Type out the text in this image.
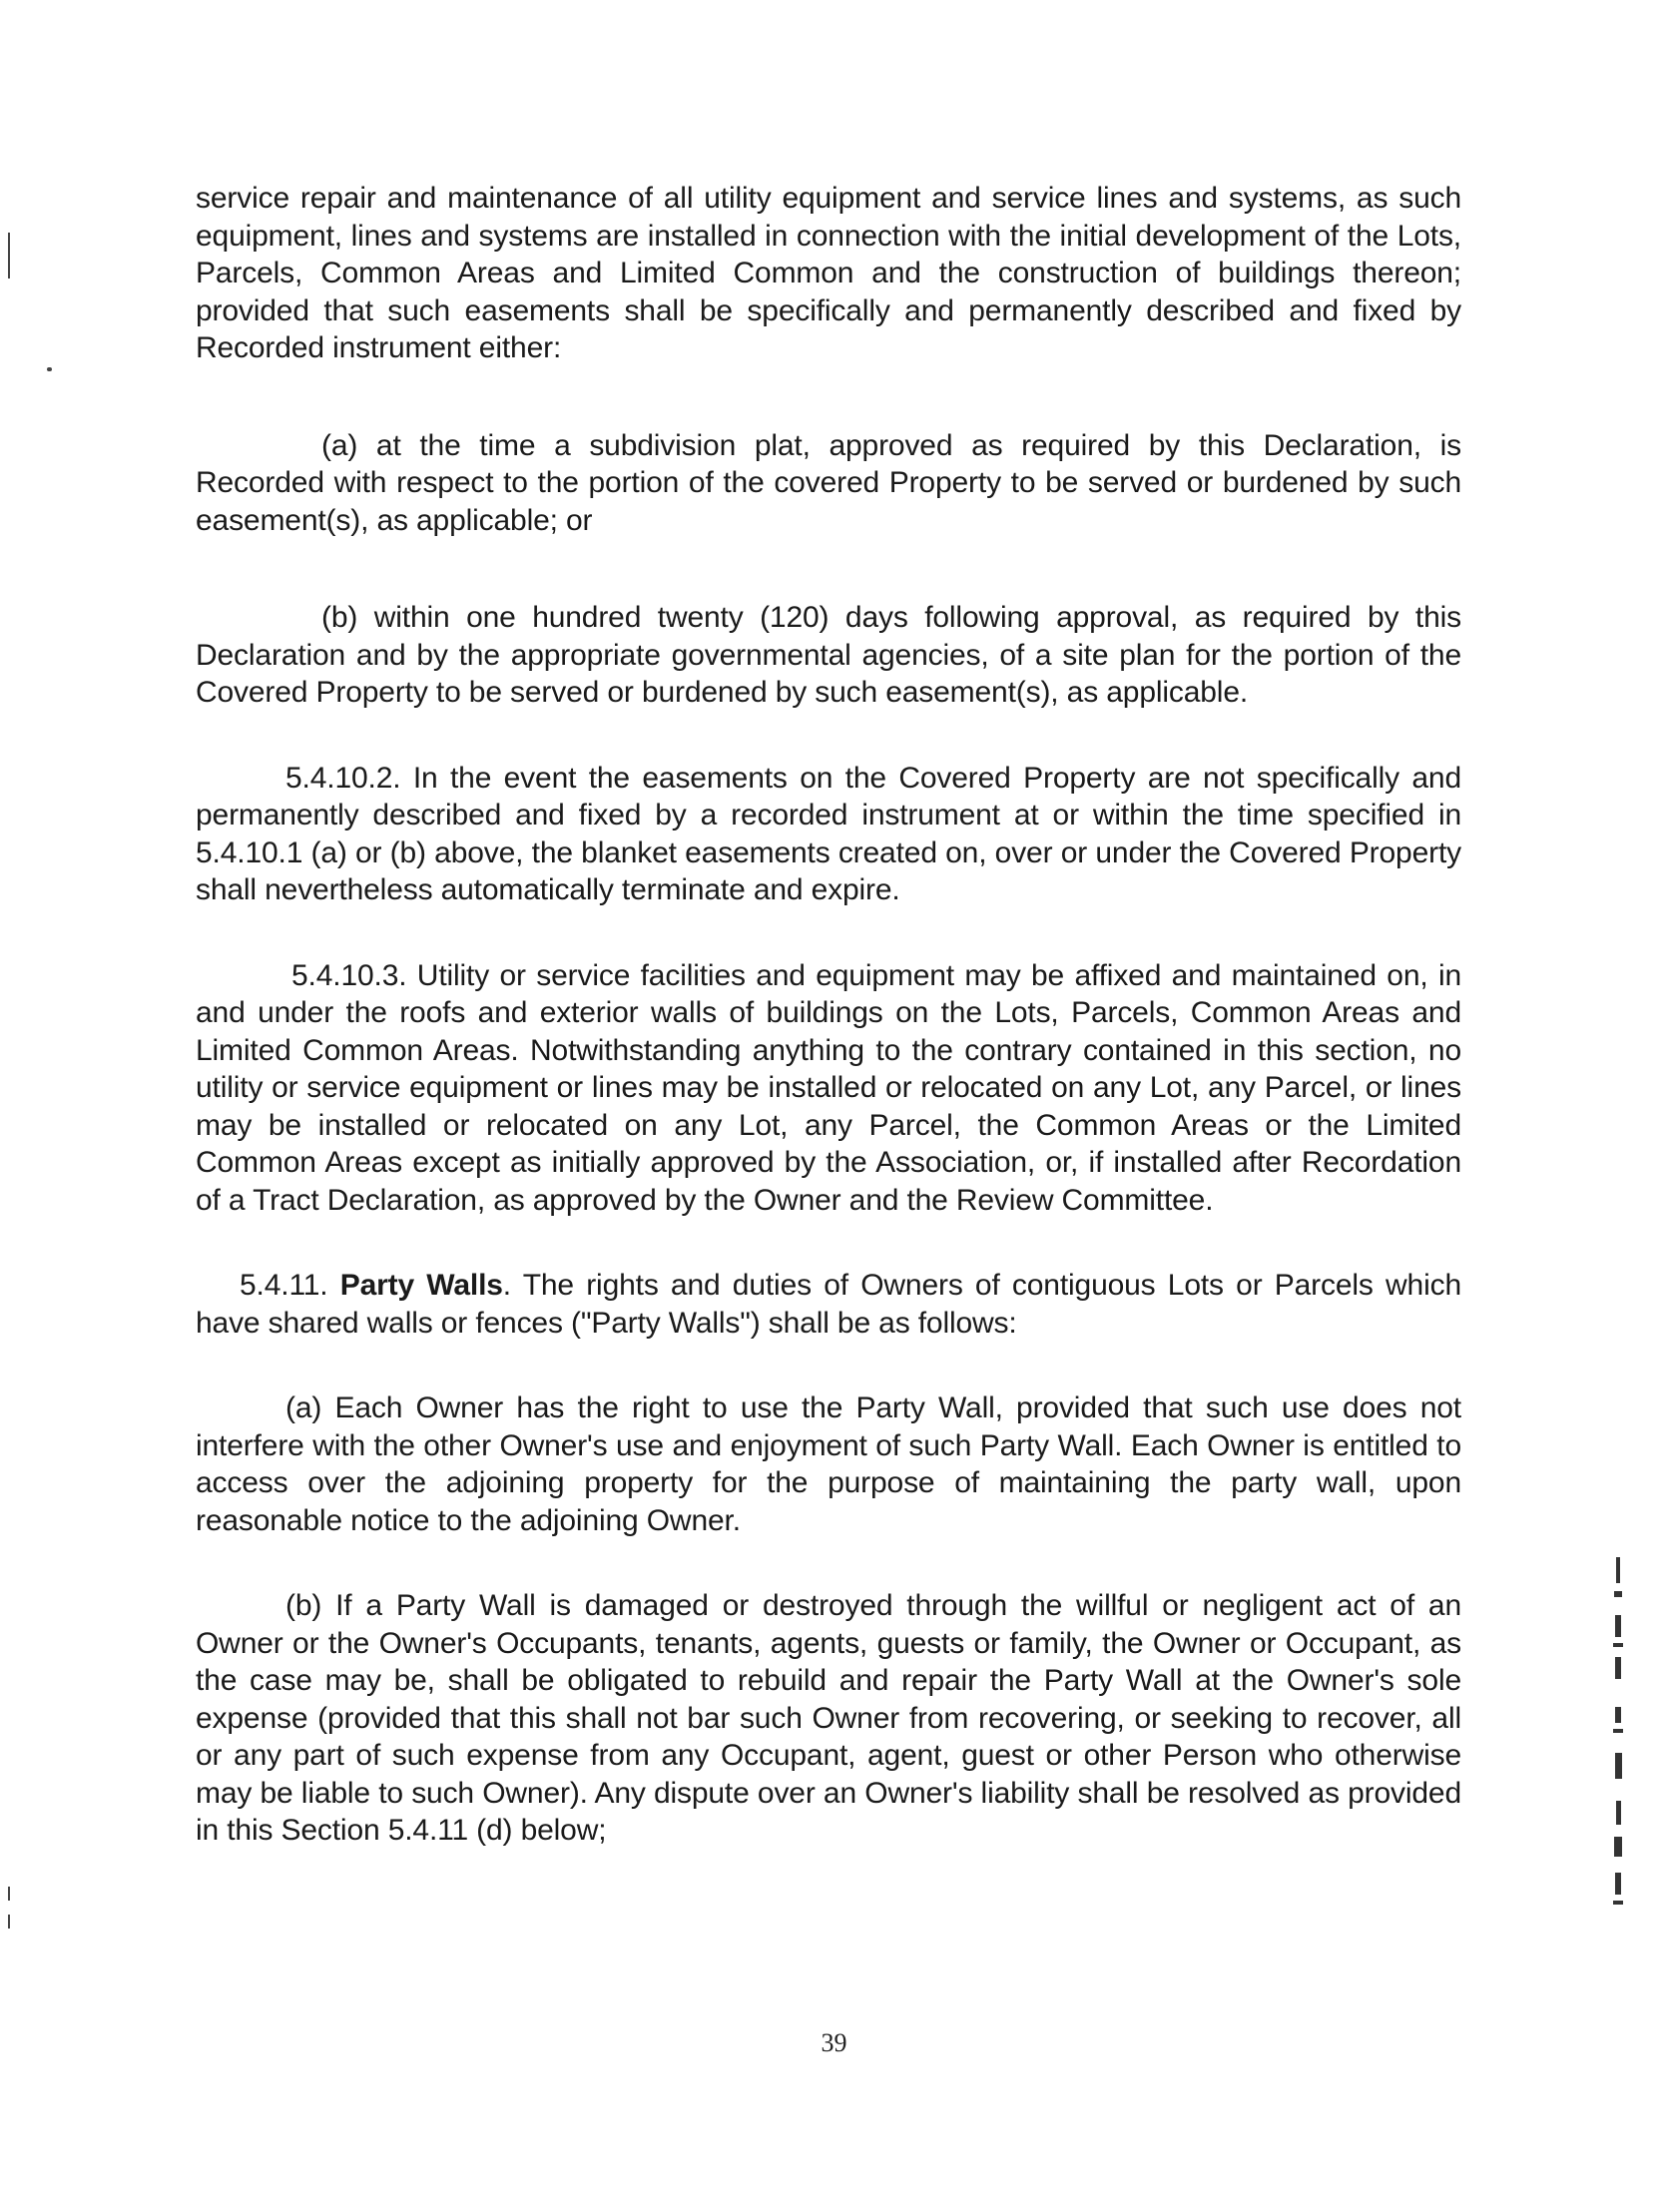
service repair and maintenance of all utility equipment and service lines and systems, as such equipment, lines and systems are installed in connection with the initial development of the Lots, Parcels, Common Areas and Limited Common and the construction of buildings thereon; provided that such easements shall be specifically and permanently described and fixed by Recorded instrument either:

(a) at the time a subdivision plat, approved as required by this Declaration, is Recorded with respect to the portion of the covered Property to be served or burdened by such easement(s), as applicable; or

(b) within one hundred twenty (120) days following approval, as required by this Declaration and by the appropriate governmental agencies, of a site plan for the portion of the Covered Property to be served or burdened by such easement(s), as applicable.

5.4.10.2. In the event the easements on the Covered Property are not specifically and permanently described and fixed by a recorded instrument at or within the time specified in 5.4.10.1 (a) or (b) above, the blanket easements created on, over or under the Covered Property shall nevertheless automatically terminate and expire.

5.4.10.3. Utility or service facilities and equipment may be affixed and maintained on, in and under the roofs and exterior walls of buildings on the Lots, Parcels, Common Areas and Limited Common Areas. Notwithstanding anything to the contrary contained in this section, no utility or service equipment or lines may be installed or relocated on any Lot, any Parcel, or lines may be installed or relocated on any Lot, any Parcel, the Common Areas or the Limited Common Areas except as initially approved by the Association, or, if installed after Recordation of a Tract Declaration, as approved by the Owner and the Review Committee.

5.4.11. Party Walls. The rights and duties of Owners of contiguous Lots or Parcels which have shared walls or fences ("Party Walls") shall be as follows:

(a) Each Owner has the right to use the Party Wall, provided that such use does not interfere with the other Owner's use and enjoyment of such Party Wall. Each Owner is entitled to access over the adjoining property for the purpose of maintaining the party wall, upon reasonable notice to the adjoining Owner.

(b) If a Party Wall is damaged or destroyed through the willful or negligent act of an Owner or the Owner's Occupants, tenants, agents, guests or family, the Owner or Occupant, as the case may be, shall be obligated to rebuild and repair the Party Wall at the Owner's sole expense (provided that this shall not bar such Owner from recovering, or seeking to recover, all or any part of such expense from any Occupant, agent, guest or other Person who otherwise may be liable to such Owner). Any dispute over an Owner's liability shall be resolved as provided in this Section 5.4.11 (d) below;

39
